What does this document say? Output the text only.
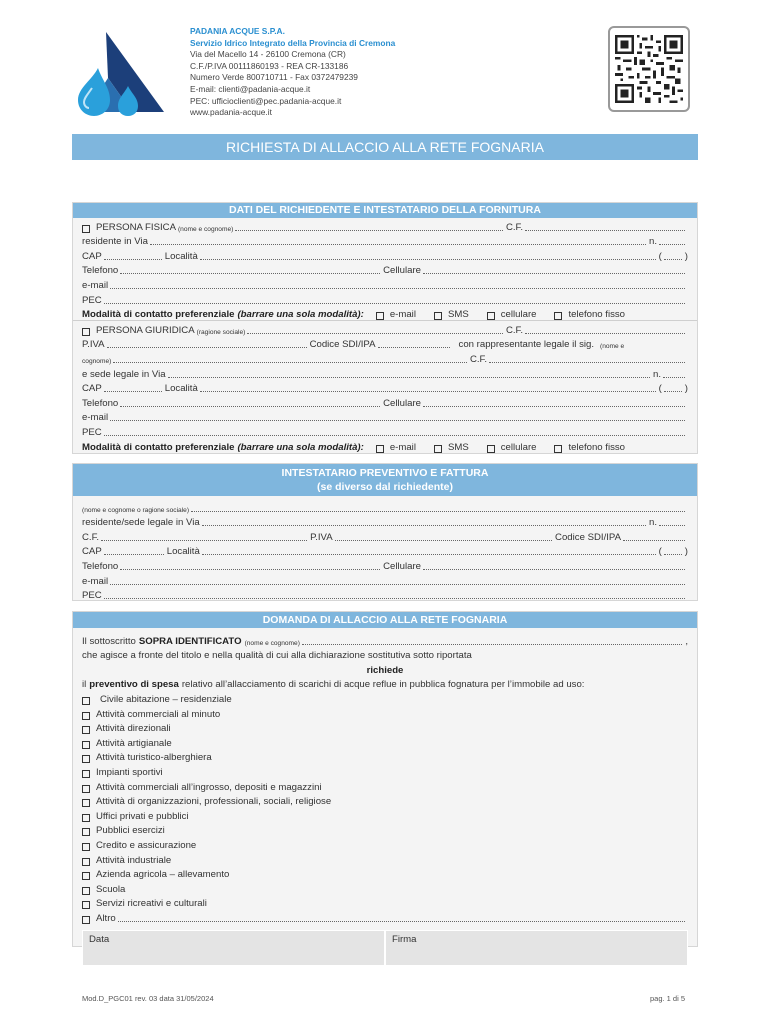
PADANIA ACQUE S.P.A.
Servizio Idrico Integrato della Provincia di Cremona
Via del Macello 14 - 26100 Cremona (CR)
C.F./P.IVA 00111860193 - REA CR-133186
Numero Verde 800710711 - Fax 0372479239
E-mail: clienti@padania-acque.it
PEC: ufficioclienti@pec.padania-acque.it
www.padania-acque.it
RICHIESTA DI ALLACCIO ALLA RETE FOGNARIA
DATI DEL RICHIEDENTE E INTESTATARIO DELLA FORNITURA
PERSONA FISICA (nome e cognome)	C.F.
residente in Via	n.
CAP	Località	( )
Telefono	Cellulare
e-mail
PEC
Modalità di contatto preferenziale (barrare una sola modalità):	e-mail	SMS	cellulare	telefono fisso
PERSONA GIURIDICA (ragione sociale)	C.F.
P.IVA	Codice SDI/IPA	con rappresentante legale il sig. (nome e
cognome)	C.F.
e sede legale in Via	n.
CAP	Località	( )
Telefono	Cellulare
e-mail
PEC
Modalità di contatto preferenziale (barrare una sola modalità):	e-mail	SMS	cellulare	telefono fisso
INTESTATARIO PREVENTIVO E FATTURA
(se diverso dal richiedente)
(nome e cognome o ragione sociale)
residente/sede legale in Via	n.
C.F.	P.IVA	Codice SDI/IPA
CAP	Località	( )
Telefono	Cellulare
e-mail
PEC
DOMANDA DI ALLACCIO ALLA RETE FOGNARIA
Il sottoscritto SOPRA IDENTIFICATO (nome e cognome)	,
che agisce a fronte del titolo e nella qualità di cui alla dichiarazione sostitutiva sotto riportata
richiede
il preventivo di spesa relativo all’allacciamento di scarichi di acque reflue in pubblica fognatura per l’immobile ad uso:
Civile abitazione – residenziale
Attività commerciali al minuto
Attività direzionali
Attività artigianale
Attività turistico-alberghiera
Impianti sportivi
Attività commerciali all’ingrosso, depositi e magazzini
Attività di organizzazioni, professionali, sociali, religiose
Uffici privati e pubblici
Pubblici esercizi
Credito e assicurazione
Attività industriale
Azienda agricola – allevamento
Scuola
Servizi ricreativi e culturali
Altro
Data	Firma
Mod.D_PGC01 rev. 03 data 31/05/2024	pag. 1 di 5
